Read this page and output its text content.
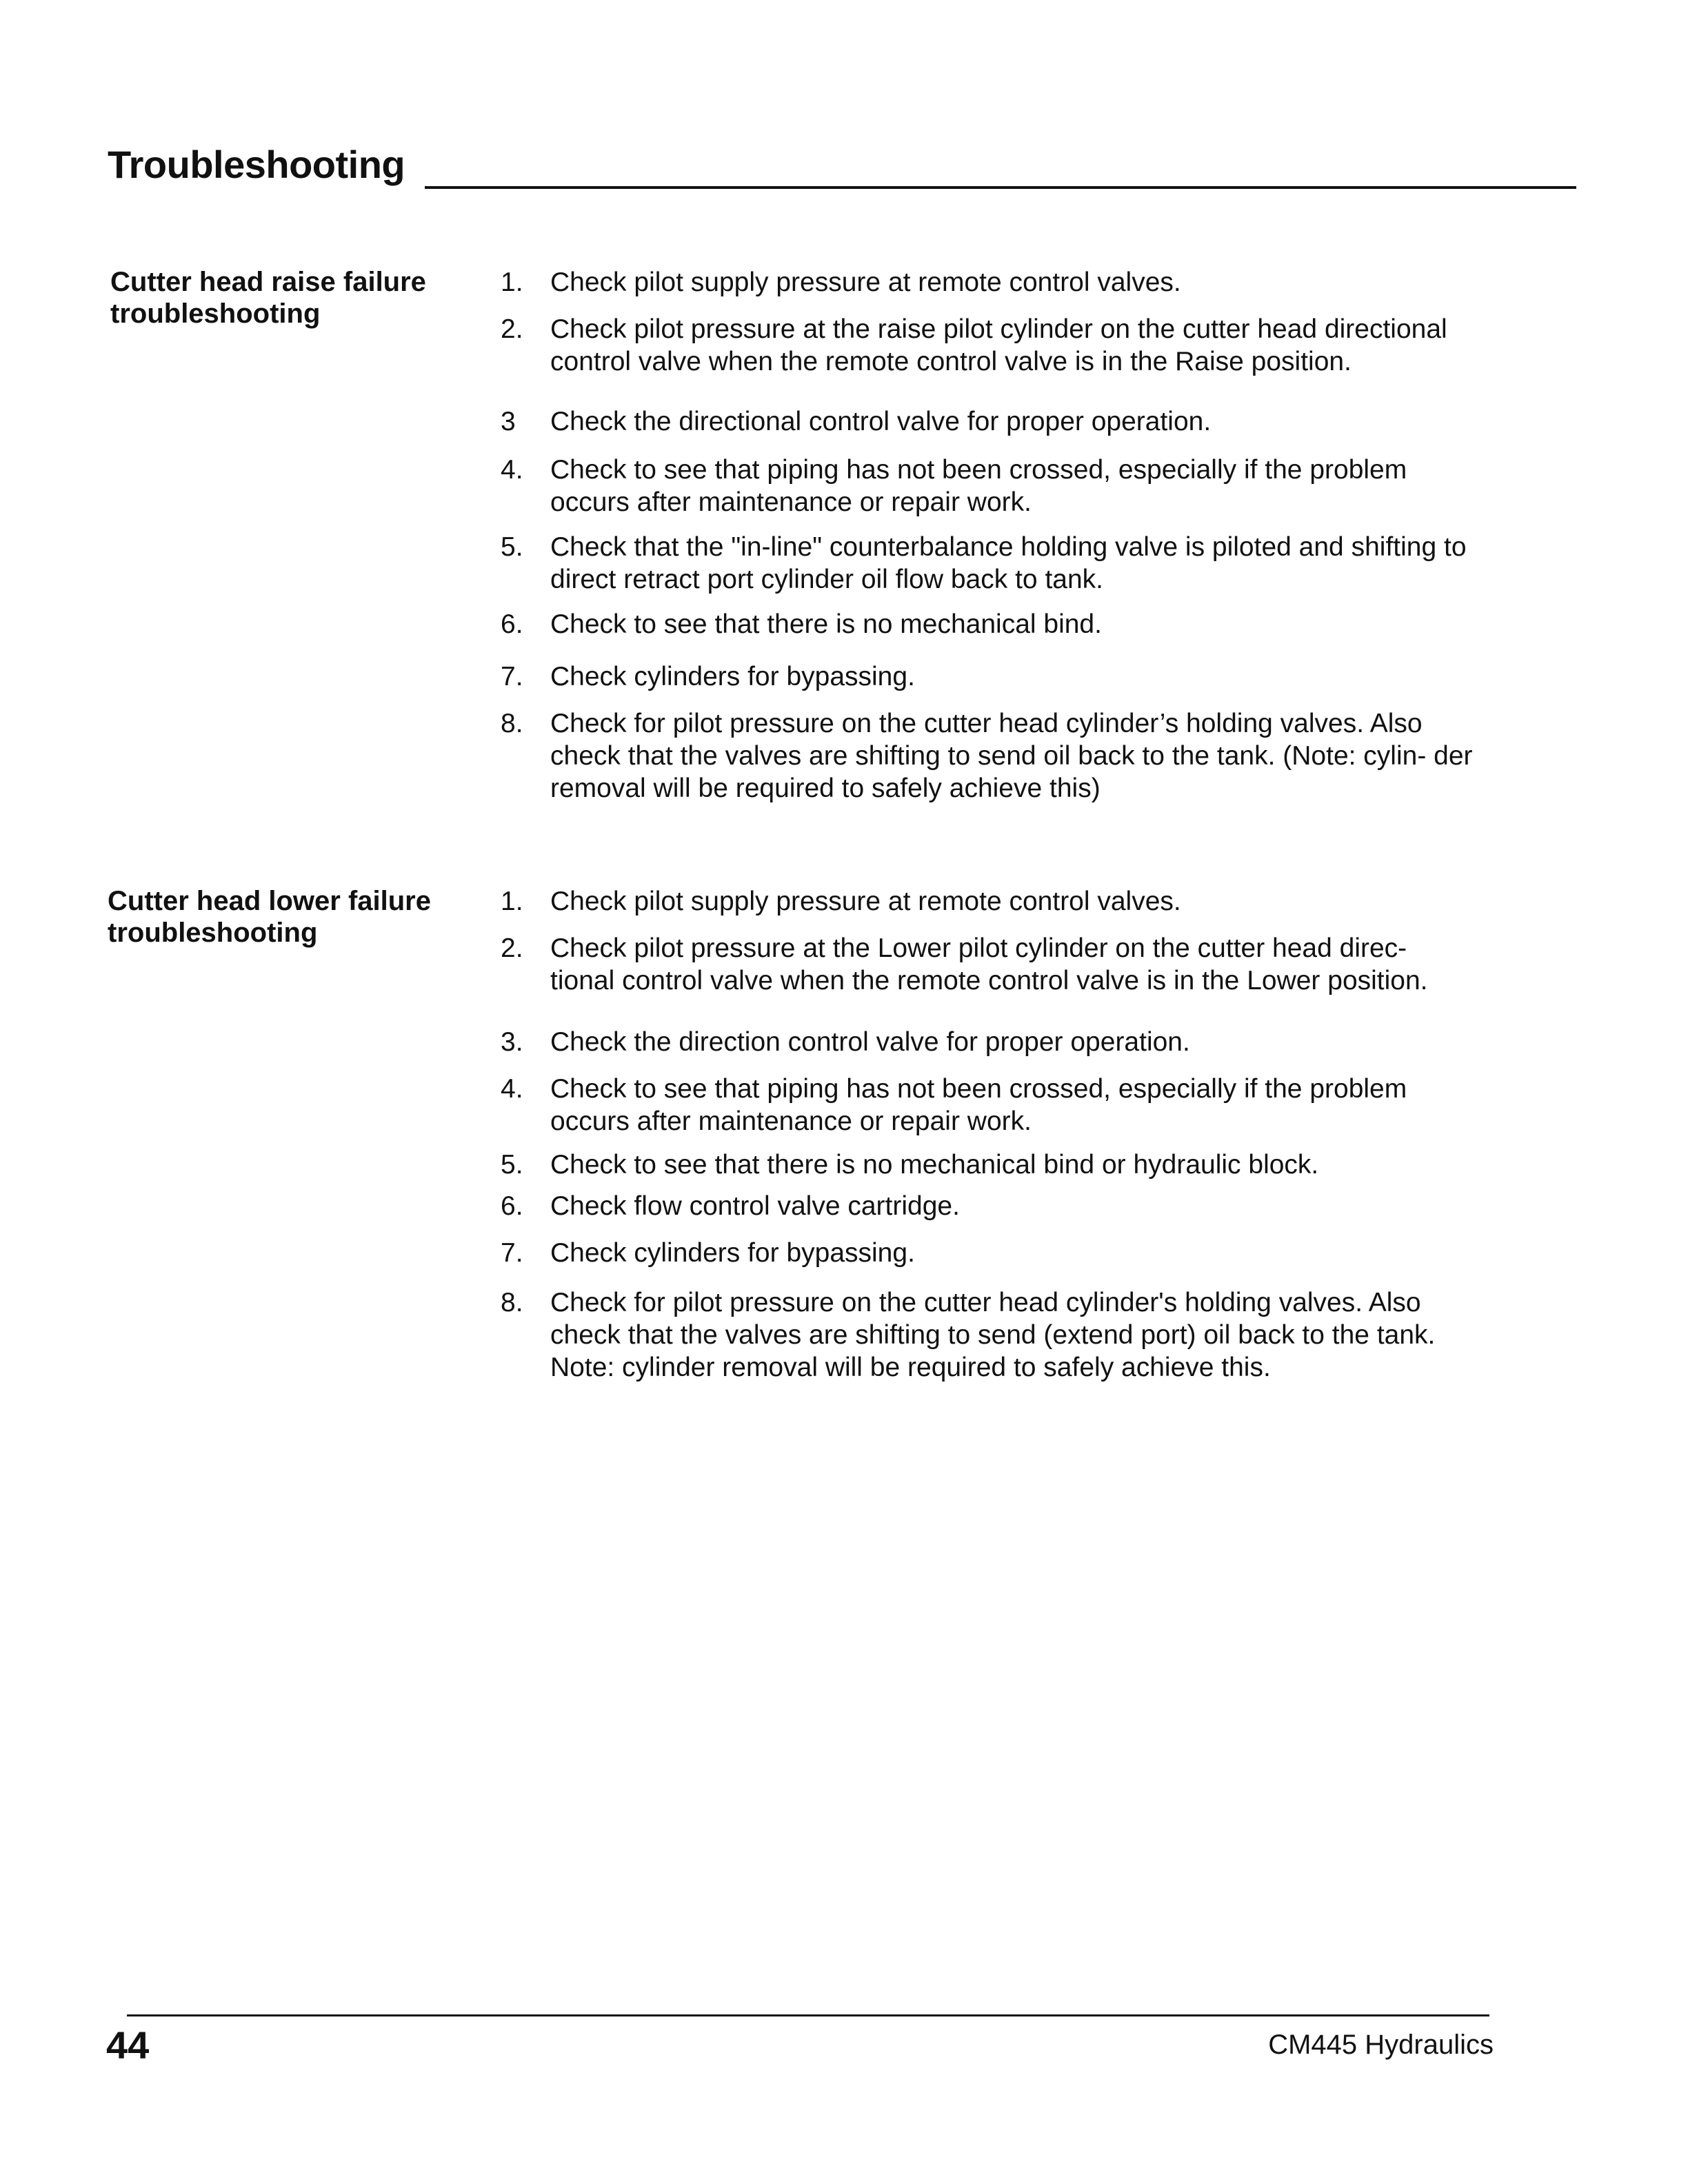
Troubleshooting
Cutter head raise failure troubleshooting
1. Check pilot supply pressure at remote control valves.
2. Check pilot pressure at the raise pilot cylinder on the cutter head directional control valve when the remote control valve is in the Raise position.
3 Check the directional control valve for proper operation.
4. Check to see that piping has not been crossed, especially if the problem occurs after maintenance or repair work.
5. Check that the "in-line" counterbalance holding valve is piloted and shifting to direct retract port cylinder oil flow back to tank.
6. Check to see that there is no mechanical bind.
7. Check cylinders for bypassing.
8. Check for pilot pressure on the cutter head cylinder’s holding valves. Also check that the valves are shifting to send oil back to the tank. (Note: cylin- der removal will be required to safely achieve this)
Cutter head lower failure troubleshooting
1. Check pilot supply pressure at remote control valves.
2. Check pilot pressure at the Lower pilot cylinder on the cutter head direc- tional control valve when the remote control valve is in the Lower position.
3. Check the direction control valve for proper operation.
4. Check to see that piping has not been crossed, especially if the problem occurs after maintenance or repair work.
5. Check to see that there is no mechanical bind or hydraulic block.
6. Check flow control valve cartridge.
7. Check cylinders for bypassing.
8. Check for pilot pressure on the cutter head cylinder's holding valves. Also check that the valves are shifting to send (extend port) oil back to the tank. Note: cylinder removal will be required to safely achieve this.
44	CM445 Hydraulics
